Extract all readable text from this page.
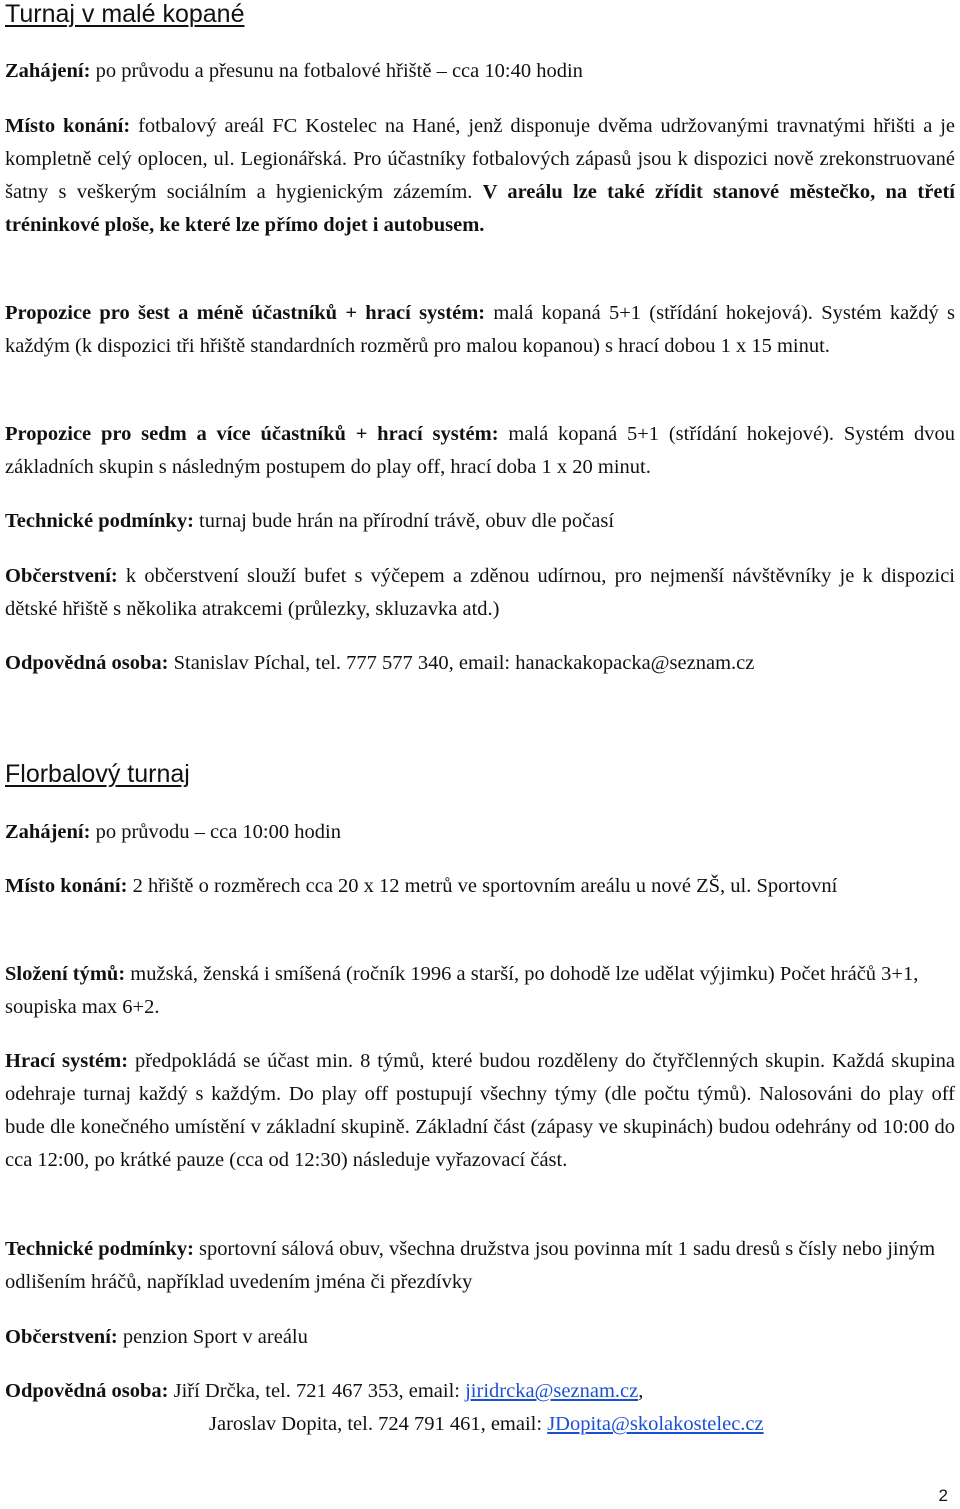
Turnaj v malé kopané

Zahájení: po průvodu a přesunu na fotbalové hřiště – cca 10:40 hodin

Místo konání: fotbalový areál FC Kostelec na Hané, jenž disponuje dvěma udržovanými travnatými hřišti a je kompletně celý oplocen, ul. Legionářská. Pro účastníky fotbalových zápasů jsou k dispozici nově zrekonstruované šatny s veškerým sociálním a hygienickým zázemím. V areálu lze také zřídit stanové městečko, na třetí tréninkové ploše, ke které lze přímo dojet i autobusem.

Propozice pro šest a méně účastníků + hrací systém: malá kopaná 5+1 (střídání hokejová). Systém každý s každým (k dispozici tři hřiště standardních rozměrů pro malou kopanou) s hrací dobou 1 x 15 minut.

Propozice pro sedm a více účastníků + hrací systém: malá kopaná 5+1 (střídání hokejové). Systém dvou základních skupin s následným postupem do play off, hrací doba 1 x 20 minut.

Technické podmínky: turnaj bude hrán na přírodní trávě, obuv dle počasí

Občerstvení: k občerstvení slouží bufet s výčepem a zděnou udírnou, pro nejmenší návštěvníky je k dispozici dětské hřiště s několika atrakcemi (průlezky, skluzavka atd.)

Odpovědná osoba: Stanislav Píchal, tel. 777 577 340, email: hanackakopacka@seznam.cz

Florbalový turnaj

Zahájení: po průvodu – cca 10:00 hodin

Místo konání: 2 hřiště o rozměrech cca 20 x 12 metrů ve sportovním areálu u nové ZŠ, ul. Sportovní

Složení týmů: mužská, ženská i smíšená (ročník 1996 a starší, po dohodě lze udělat výjimku) Počet hráčů 3+1, soupiska max 6+2.

Hrací systém: předpokládá se účast min. 8 týmů, které budou rozděleny do čtyřčlenných skupin. Každá skupina odehraje turnaj každý s každým. Do play off postupují všechny týmy (dle počtu týmů). Nalosováni do play off bude dle konečného umístění v základní skupině. Základní část (zápasy ve skupinách) budou odehrány od 10:00 do cca 12:00, po krátké pauze (cca od 12:30) následuje vyřazovací část.

Technické podmínky: sportovní sálová obuv, všechna družstva jsou povinna mít 1 sadu dresů s čísly nebo jiným odlišením hráčů, například uvedením jména či přezdívky

Občerstvení: penzion Sport v areálu

Odpovědná osoba: Jiří Drčka, tel. 721 467 353, email: jiridrcka@seznam.cz,
Jaroslav Dopita, tel. 724 791 461, email: JDopita@skolakostelec.cz

2
